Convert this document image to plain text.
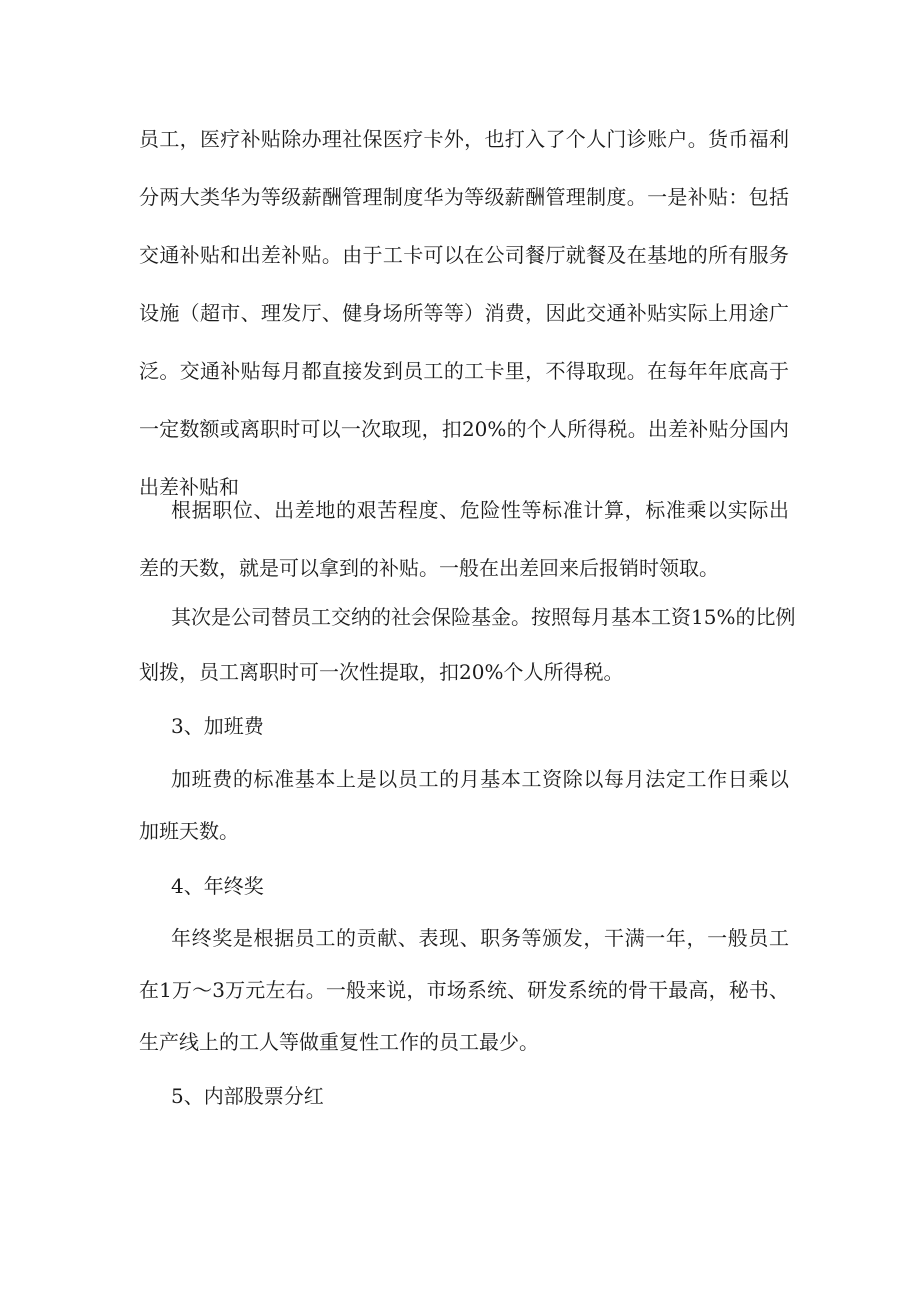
员工，医疗补贴除办理社保医疗卡外，也打入了个人门诊账户。货币福利
分两大类华为等级薪酬管理制度华为等级薪酬管理制度。一是补贴：包括
交通补贴和出差补贴。由于工卡可以在公司餐厅就餐及在基地的所有服务
设施（超市、理发厅、健身场所等等）消费，因此交通补贴实际上用途广
泛。交通补贴每月都直接发到员工的工卡里，不得取现。在每年年底高于
一定数额或离职时可以一次取现，扣20%的个人所得税。出差补贴分国内
出差补贴和
根据职位、出差地的艰苦程度、危险性等标准计算，标准乘以实际出
差的天数，就是可以拿到的补贴。一般在出差回来后报销时领取。
其次是公司替员工交纳的社会保险基金。按照每月基本工资15%的比例
划拨，员工离职时可一次性提取，扣20%个人所得税。
3、加班费
加班费的标准基本上是以员工的月基本工资除以每月法定工作日乘以
加班天数。
4、年终奖
年终奖是根据员工的贡献、表现、职务等颁发，干满一年，一般员工
在1万～3万元左右。一般来说，市场系统、研发系统的骨干最高，秘书、
生产线上的工人等做重复性工作的员工最少。
5、内部股票分红
